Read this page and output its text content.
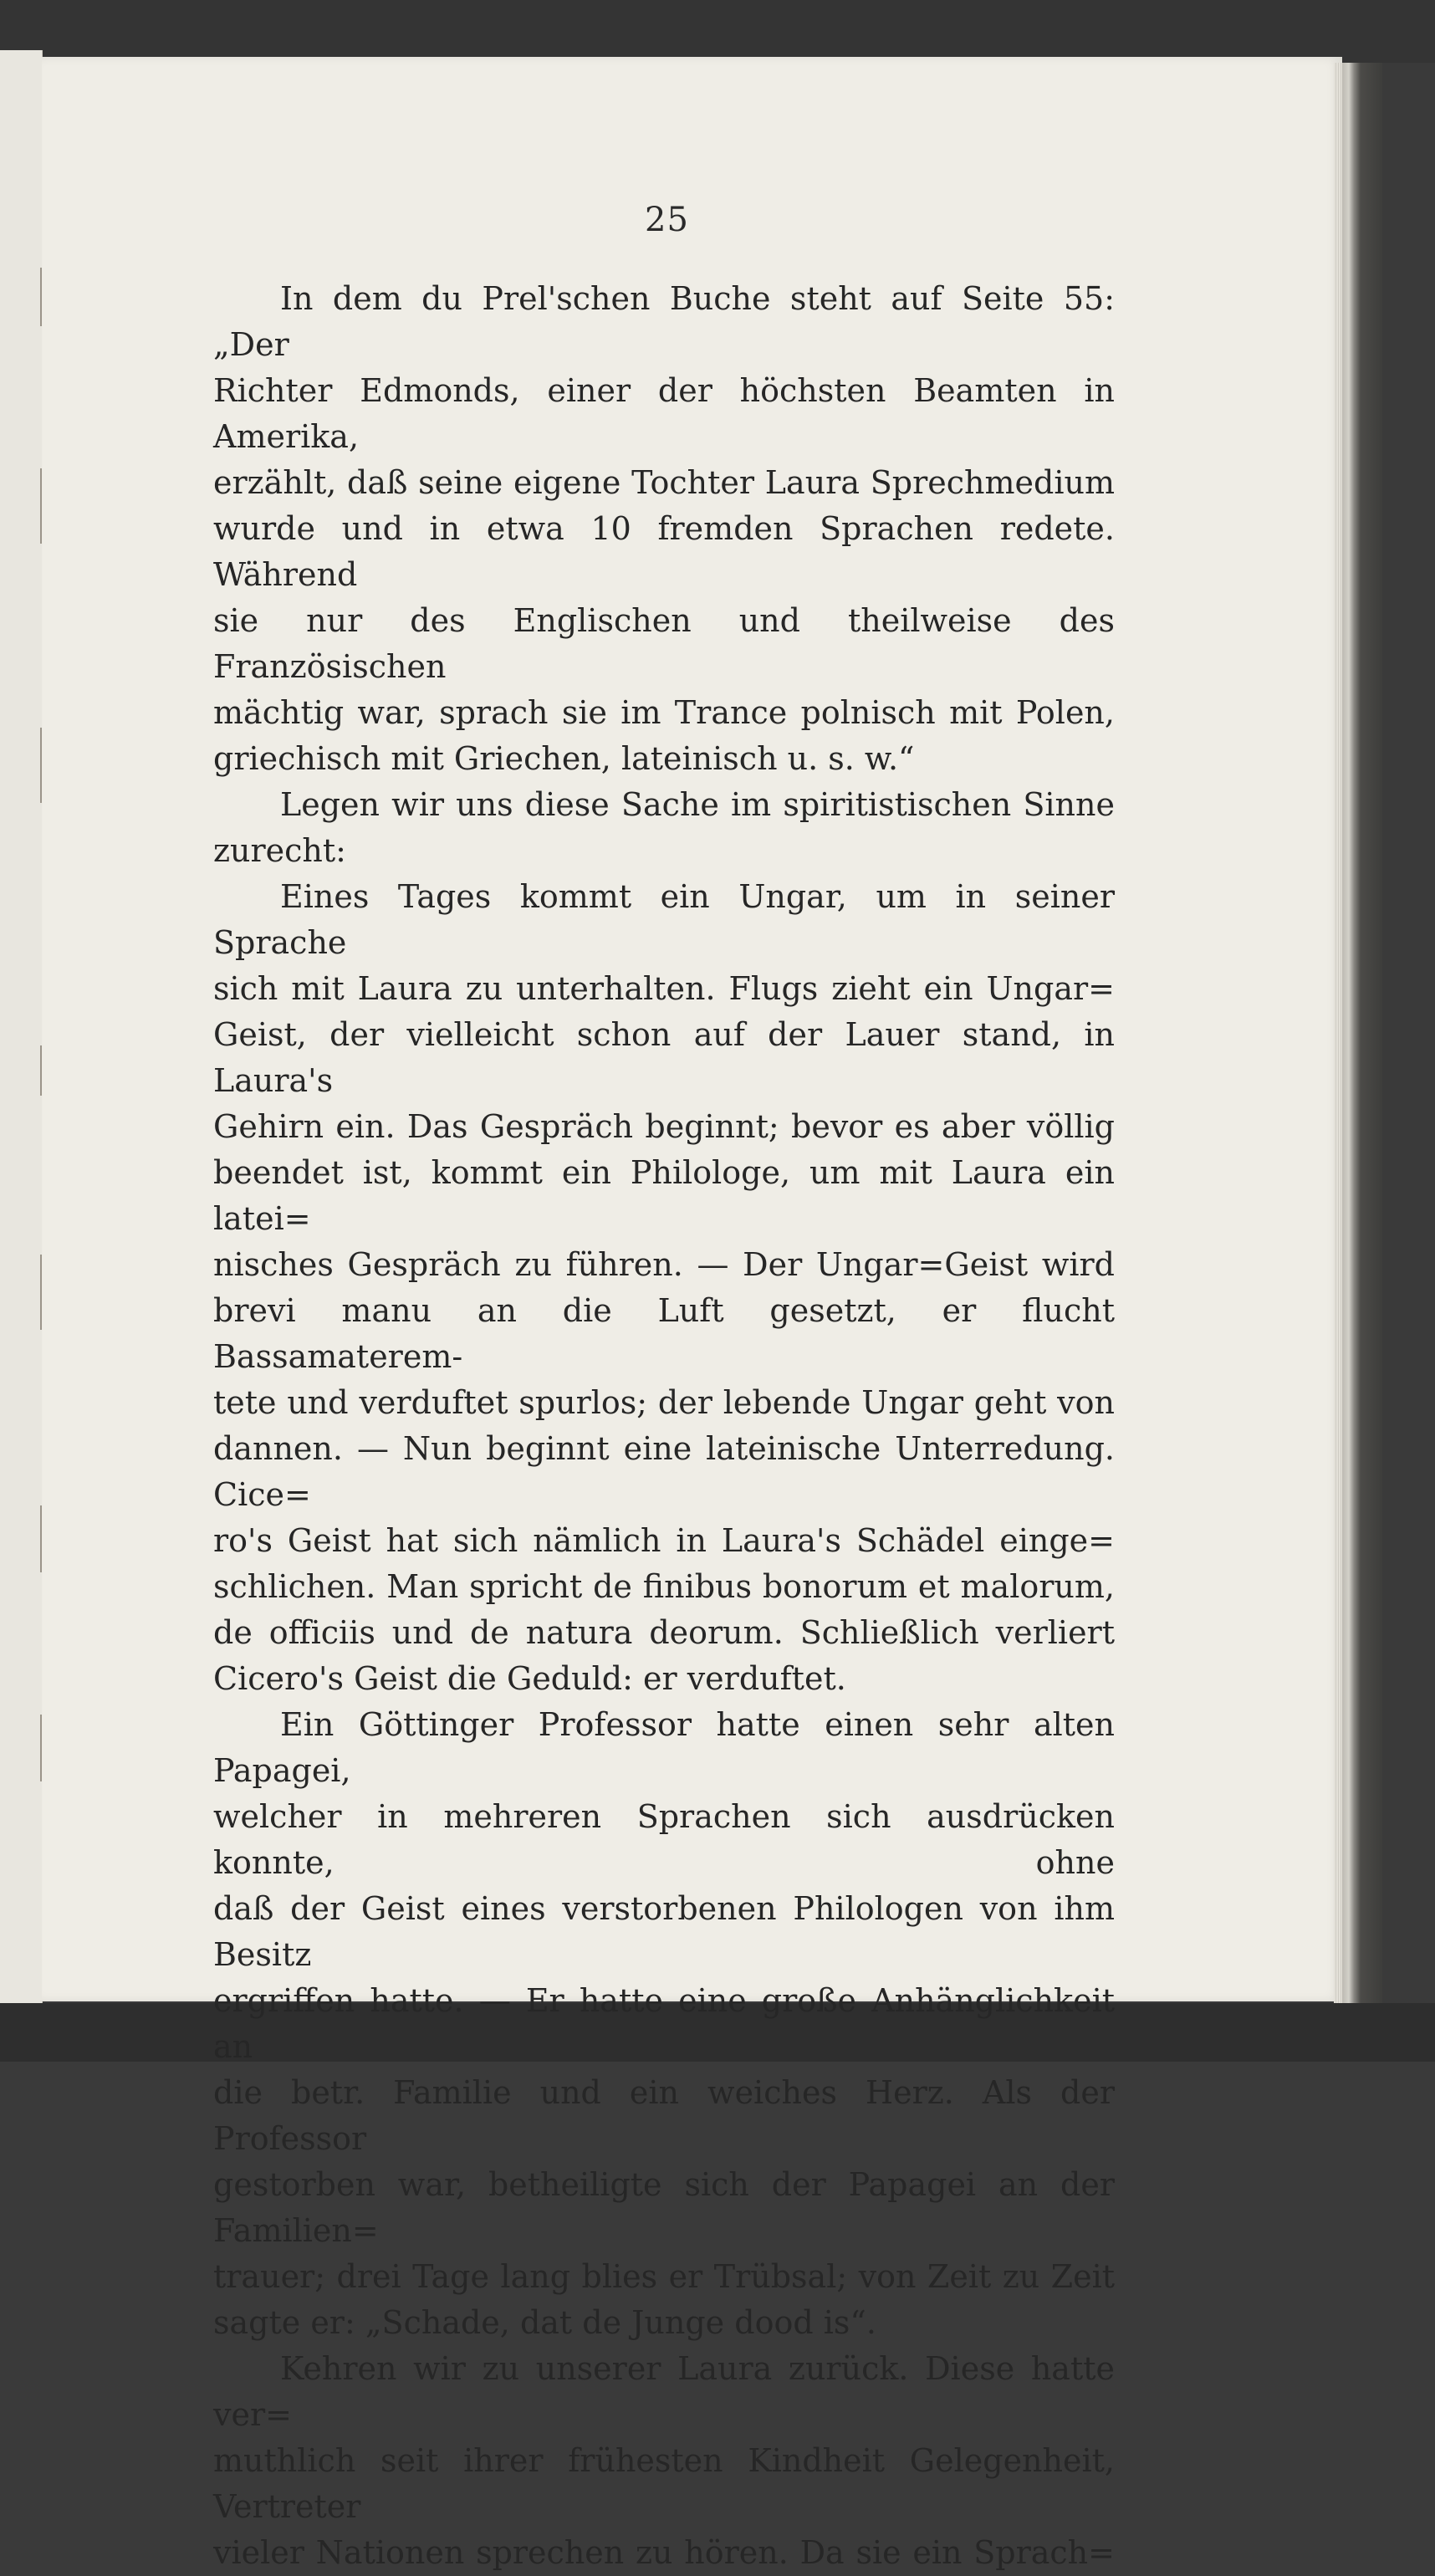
25

In dem du Prel'schen Buche steht auf Seite 55: „Der

Richter Edmonds, einer der höchsten Beamten in Amerika,

erzählt, daß seine eigene Tochter Laura Sprechmedium

wurde und in etwa 10 fremden Sprachen redete. Während

sie nur des Englischen und theilweise des Französischen

mächtig war, sprach sie im Trance polnisch mit Polen,

griechisch mit Griechen, lateinisch u. s. w.“

Legen wir uns diese Sache im spiritistischen Sinne

zurecht:

Eines Tages kommt ein Ungar, um in seiner Sprache

sich mit Laura zu unterhalten. Flugs zieht ein Ungar=

Geist, der vielleicht schon auf der Lauer stand, in Laura's

Gehirn ein. Das Gespräch beginnt; bevor es aber völlig

beendet ist, kommt ein Philologe, um mit Laura ein latei=

nisches Gespräch zu führen. — Der Ungar=Geist wird

brevi manu an die Luft gesetzt, er flucht Bassamaterem-

tete und verduftet spurlos; der lebende Ungar geht von

dannen. — Nun beginnt eine lateinische Unterredung. Cice=

ro's Geist hat sich nämlich in Laura's Schädel einge=

schlichen. Man spricht de finibus bonorum et malorum,

de officiis und de natura deorum. Schließlich verliert

Cicero's Geist die Geduld: er verduftet.

Ein Göttinger Professor hatte einen sehr alten Papagei,

welcher in mehreren Sprachen sich ausdrücken konnte, ohne

daß der Geist eines verstorbenen Philologen von ihm Besitz

ergriffen hatte. — Er hatte eine große Anhänglichkeit an

die betr. Familie und ein weiches Herz. Als der Professor

gestorben war, betheiligte sich der Papagei an der Familien=

trauer; drei Tage lang blies er Trübsal; von Zeit zu Zeit

sagte er: „Schade, dat de Junge dood is“.

Kehren wir zu unserer Laura zurück. Diese hatte ver=

muthlich seit ihrer frühesten Kindheit Gelegenheit, Vertreter

vieler Nationen sprechen zu hören. Da sie ein Sprach=
